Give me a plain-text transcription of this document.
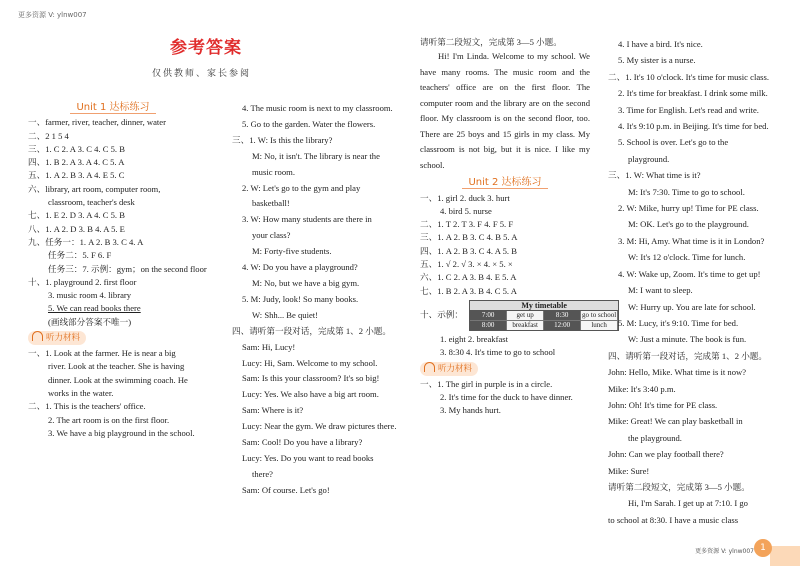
更多资源 V: ylnw007
参考答案
仅供教师、家长参阅
Unit 1 达标练习
一、farmer, river, teacher, dinner, water
二、2 1 5 4
三、1. C 2. A 3. C 4. C 5. B
四、1. B 2. A 3. A 4. C 5. A
五、1. A 2. B 3. A 4. E 5. C
六、library, art room, computer room,
classroom, teacher's desk
七、1. E 2. D 3. A 4. C 5. B
八、1. A 2. D 3. B 4. A 5. E
九、任务一：1. A 2. B 3. C 4. A
任务二：5. F 6. F
任务三：7. 示例：gym；on the second floor
十、1. playground 2. first floor
3. music room 4. library
5. We can read books there
(画线部分答案不唯一)
听力材料
一、1. Look at the farmer. He is near a big
river. Look at the teacher. She is having
dinner. Look at the swimming coach. He
works in the water.
二、1. This is the teachers' office.
2. The art room is on the first floor.
3. We have a big playground in the school.
4. The music room is next to my classroom.
5. Go to the garden. Water the flowers.
三、1. W: Is this the library?
M: No, it isn't. The library is near the
music room.
2. W: Let's go to the gym and play
basketball!
3. W: How many students are there in
your class?
M: Forty-five students.
4. W: Do you have a playground?
M: No, but we have a big gym.
5. M: Judy, look! So many books.
W: Shh... Be quiet!
四、请听第一段对话，完成第 1、2 小题。
Sam: Hi, Lucy!
Lucy: Hi, Sam. Welcome to my school.
Sam: Is this your classroom? It's so big!
Lucy: Yes. We also have a big art room.
Sam: Where is it?
Lucy: Near the gym. We draw pictures there.
Sam: Cool! Do you have a library?
Lucy: Yes. Do you want to read books
there?
Sam: Of course. Let's go!
请听第二段短文，完成第 3—5 小题。

Hi! I'm Linda. Welcome to my school. We have many rooms. The music room and the teachers' office are on the first floor. The computer room and the library are on the second floor. My classroom is on the second floor, too. There are 25 boys and 15 girls in my class. My classroom is not big, but it is nice. I like my school.

Unit 2 达标练习
一、1. girl 2. duck 3. hurt
4. bird 5. nurse
二、1. T 2. T 3. F 4. F 5. F
三、1. A 2. B 3. C 4. B 5. A
四、1. A 2. B 3. C 4. A 5. B
五、1. √ 2. √ 3. × 4. × 5. ×
六、1. C 2. A 3. B 4. E 5. A
七、1. B 2. A 3. B 4. C 5. A
十、示例：
My timetable
7:00	get up	8:30	go to school
8:00	breakfast	12:00	lunch
1. eight 2. breakfast
3. 8:30 4. It's time to go to school
听力材料
一、1. The girl in purple is in a circle.
2. It's time for the duck to have dinner.
3. My hands hurt.
4. I have a bird. It's nice.
5. My sister is a nurse.
二、1. It's 10 o'clock. It's time for music class.
2. It's time for breakfast. I drink some milk.
3. Time for English. Let's read and write.
4. It's 9:10 p.m. in Beijing. It's time for bed.
5. School is over. Let's go to the
playground.
三、1. W: What time is it?
M: It's 7:30. Time to go to school.
2. W: Mike, hurry up! Time for PE class.
M: OK. Let's go to the playground.
3. M: Hi, Amy. What time is it in London?
W: It's 12 o'clock. Time for lunch.
4. W: Wake up, Zoom. It's time to get up!
M: I want to sleep.
W: Hurry up. You are late for school.
5. M: Lucy, it's 9:10. Time for bed.
W: Just a minute. The book is fun.
四、请听第一段对话，完成第 1、2 小题。
John: Hello, Mike. What time is it now?
Mike: It's 3:40 p.m.
John: Oh! It's time for PE class.
Mike: Great! We can play basketball in
the playground.
John: Can we play football there?
Mike: Sure!
请听第二段短文，完成第 3—5 小题。
Hi, I'm Sarah. I get up at 7:10. I go
to school at 8:30. I have a music class
更多资源 V: ylnw007 1
